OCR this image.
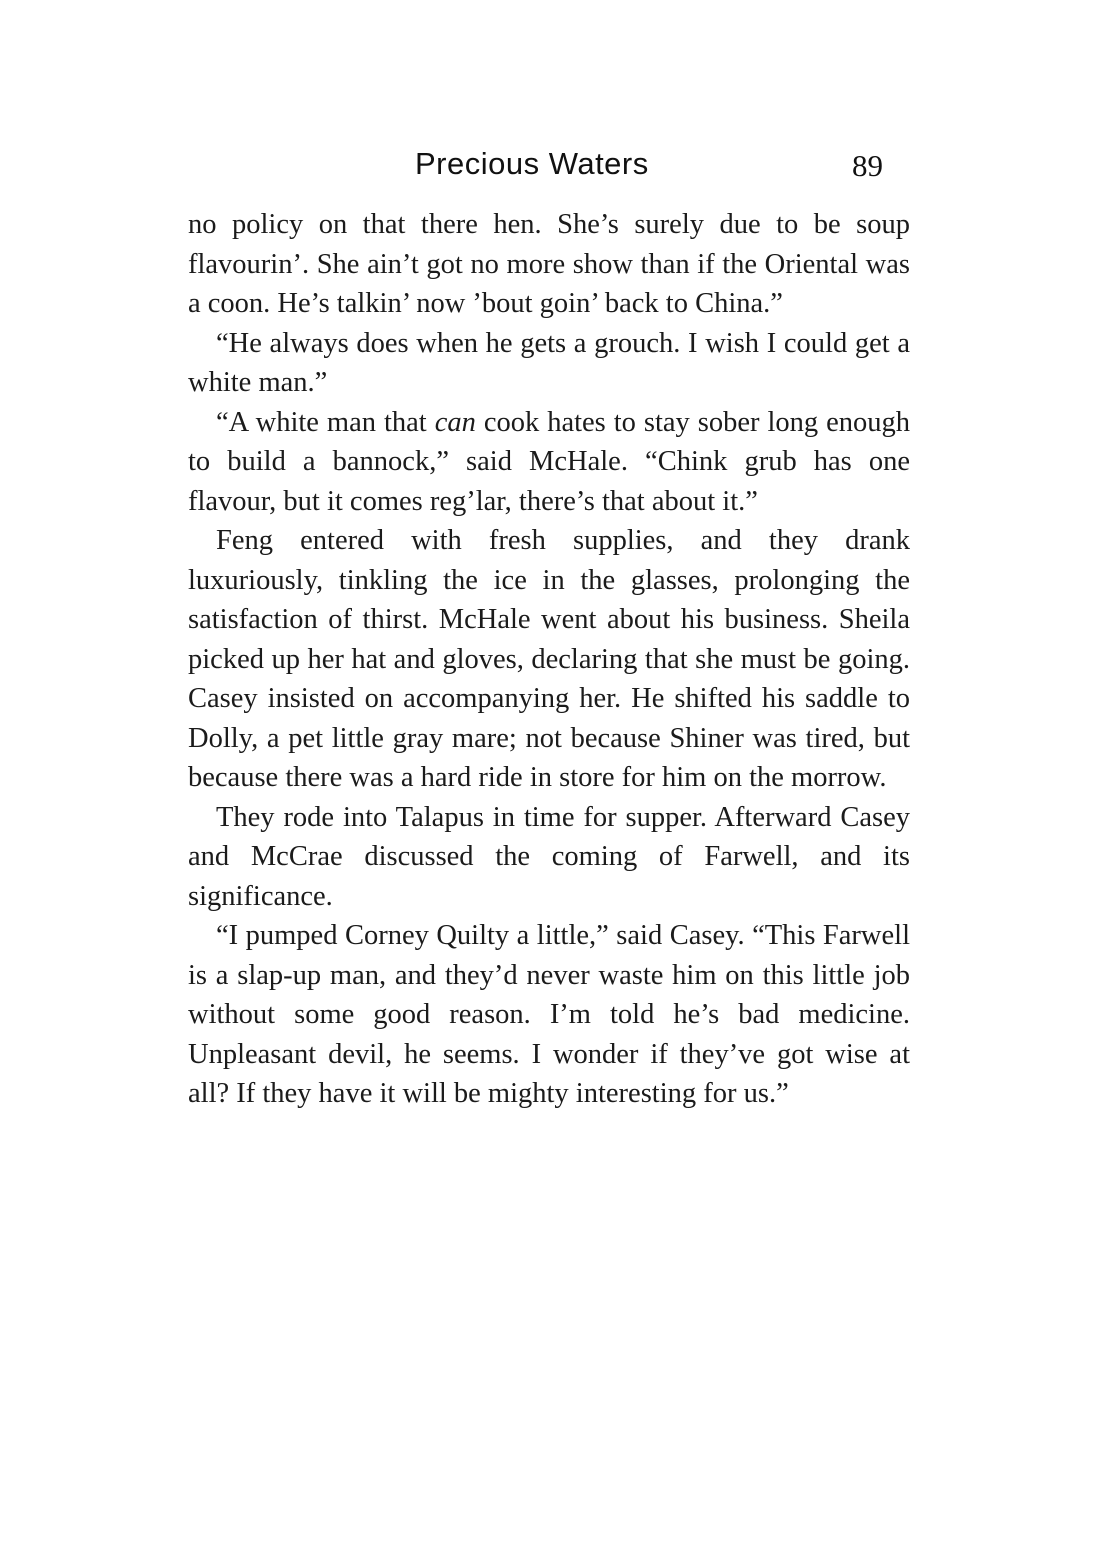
Precious Waters	89

no policy on that there hen. She’s surely due to be soup flavourin’. She ain’t got no more show than if the Oriental was a coon. He’s talkin’ now ’bout goin’ back to China.”

“He always does when he gets a grouch. I wish I could get a white man.”

“A white man that can cook hates to stay sober long enough to build a bannock,” said McHale. “Chink grub has one flavour, but it comes reg’lar, there’s that about it.”

Feng entered with fresh supplies, and they drank luxuriously, tinkling the ice in the glasses, prolonging the satisfaction of thirst. McHale went about his business. Sheila picked up her hat and gloves, declaring that she must be going. Casey insisted on accompanying her. He shifted his saddle to Dolly, a pet little gray mare; not because Shiner was tired, but because there was a hard ride in store for him on the morrow.

They rode into Talapus in time for supper. Afterward Casey and McCrae discussed the coming of Farwell, and its significance.

“I pumped Corney Quilty a little,” said Casey. “This Farwell is a slap-up man, and they’d never waste him on this little job without some good reason. I’m told he’s bad medicine. Unpleasant devil, he seems. I wonder if they’ve got wise at all? If they have it will be mighty interesting for us.”
